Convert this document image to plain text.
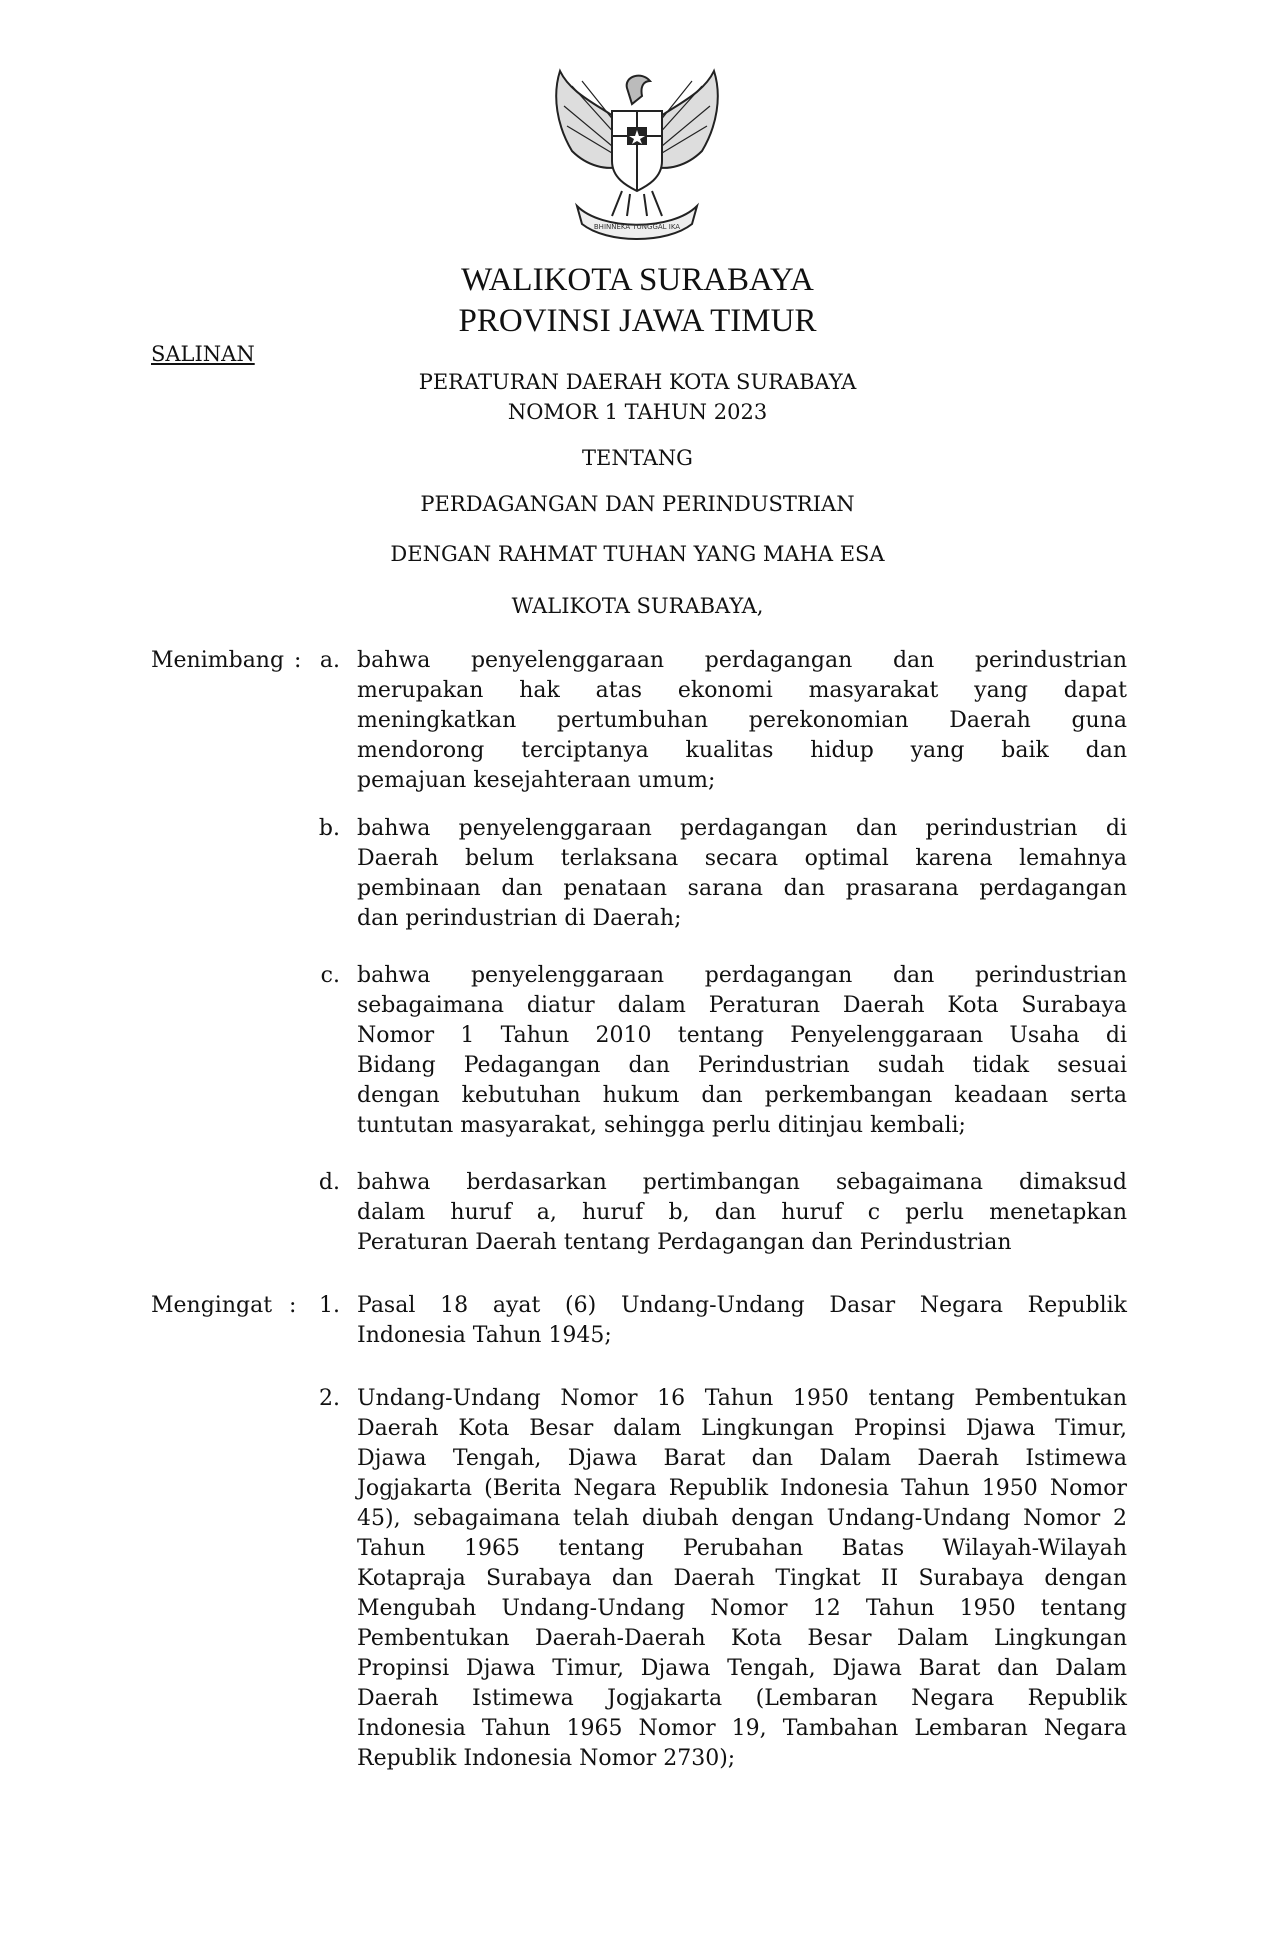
BHINNEKA TUNGGAL IKA
WALIKOTA SURABAYA
PROVINSI JAWA TIMUR
SALINAN
PERATURAN DAERAH KOTA SURABAYA
NOMOR 1 TAHUN 2023
TENTANG
PERDAGANGAN DAN PERINDUSTRIAN
DENGAN RAHMAT TUHAN YANG MAHA ESA
WALIKOTA SURABAYA,
Menimbang : a. bahwa penyelenggaraan perdagangan dan perindustrian
merupakan hak atas ekonomi masyarakat yang dapat
meningkatkan pertumbuhan perekonomian Daerah guna
mendorong terciptanya kualitas hidup yang baik dan
pemajuan kesejahteraan umum;
b. bahwa penyelenggaraan perdagangan dan perindustrian di
Daerah belum terlaksana secara optimal karena lemahnya
pembinaan dan penataan sarana dan prasarana perdagangan
dan perindustrian di Daerah;
c. bahwa penyelenggaraan perdagangan dan perindustrian
sebagaimana diatur dalam Peraturan Daerah Kota Surabaya
Nomor 1 Tahun 2010 tentang Penyelenggaraan Usaha di
Bidang Pedagangan dan Perindustrian sudah tidak sesuai
dengan kebutuhan hukum dan perkembangan keadaan serta
tuntutan masyarakat, sehingga perlu ditinjau kembali;
d. bahwa berdasarkan pertimbangan sebagaimana dimaksud
dalam huruf a, huruf b, dan huruf c perlu menetapkan
Peraturan Daerah tentang Perdagangan dan Perindustrian
1. Pasal 18 ayat (6) Undang-Undang Dasar Negara Republik
Indonesia Tahun 1945;
2. Undang-Undang Nomor 16 Tahun 1950 tentang Pembentukan
Daerah Kota Besar dalam Lingkungan Propinsi Djawa Timur,
Djawa Tengah, Djawa Barat dan Dalam Daerah Istimewa
Jogjakarta (Berita Negara Republik Indonesia Tahun 1950 Nomor
45), sebagaimana telah diubah dengan Undang-Undang Nomor 2
Tahun 1965 tentang Perubahan Batas Wilayah-Wilayah
Kotapraja Surabaya dan Daerah Tingkat II Surabaya dengan
Mengubah Undang-Undang Nomor 12 Tahun 1950 tentang
Pembentukan Daerah-Daerah Kota Besar Dalam Lingkungan
Propinsi Djawa Timur, Djawa Tengah, Djawa Barat dan Dalam
Daerah Istimewa Jogjakarta (Lembaran Negara Republik
Indonesia Tahun 1965 Nomor 19, Tambahan Lembaran Negara
Republik Indonesia Nomor 2730);
Mengingat :
